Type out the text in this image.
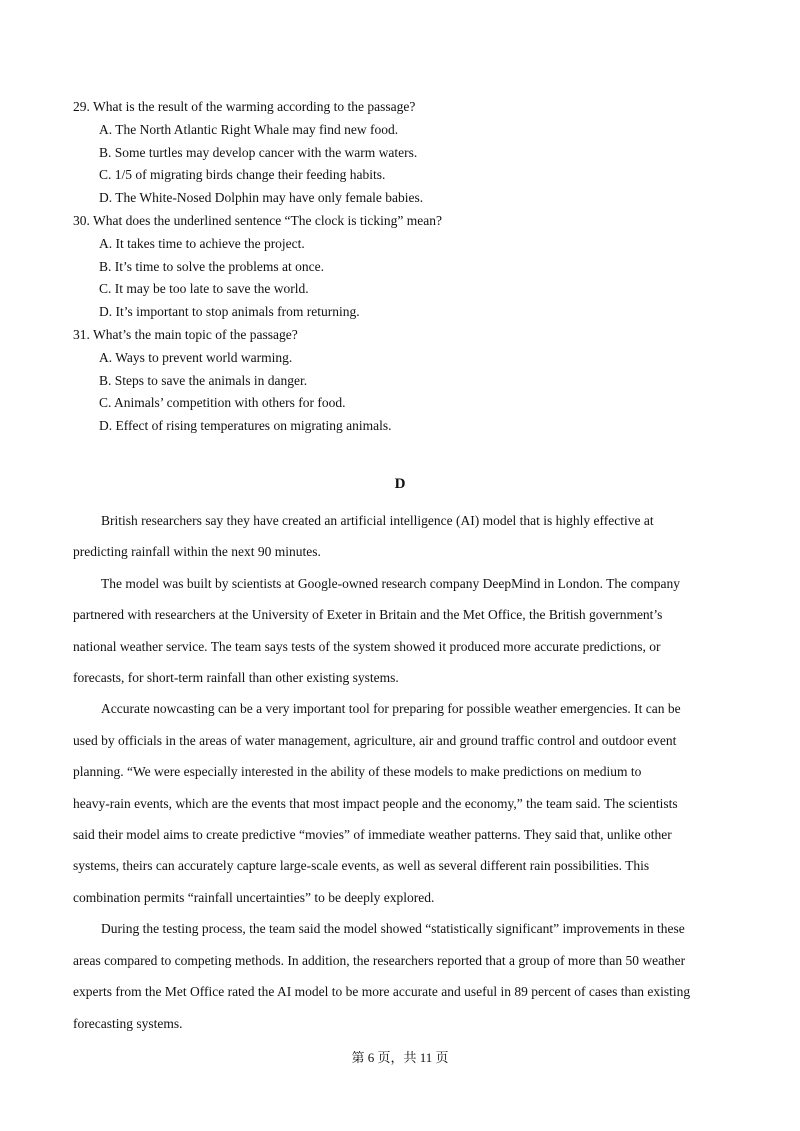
29. What is the result of the warming according to the passage?
A. The North Atlantic Right Whale may find new food.
B. Some turtles may develop cancer with the warm waters.
C. 1/5 of migrating birds change their feeding habits.
D. The White-Nosed Dolphin may have only female babies.
30. What does the underlined sentence “The clock is ticking” mean?
A. It takes time to achieve the project.
B. It’s time to solve the problems at once.
C. It may be too late to save the world.
D. It’s important to stop animals from returning.
31. What’s the main topic of the passage?
A. Ways to prevent world warming.
B. Steps to save the animals in danger.
C. Animals’ competition with others for food.
D. Effect of rising temperatures on migrating animals.
D

British researchers say they have created an artificial intelligence (AI) model that is highly effective at
predicting rainfall within the next 90 minutes.

The model was built by scientists at Google-owned research company DeepMind in London. The company
partnered with researchers at the University of Exeter in Britain and the Met Office, the British government’s
national weather service. The team says tests of the system showed it produced more accurate predictions, or
forecasts, for short-term rainfall than other existing systems.

Accurate nowcasting can be a very important tool for preparing for possible weather emergencies. It can be
used by officials in the areas of water management, agriculture, air and ground traffic control and outdoor event
planning. “We were especially interested in the ability of these models to make predictions on medium to
heavy-rain events, which are the events that most impact people and the economy,” the team said. The scientists
said their model aims to create predictive “movies” of immediate weather patterns. They said that, unlike other
systems, theirs can accurately capture large-scale events, as well as several different rain possibilities. This
combination permits “rainfall uncertainties” to be deeply explored.

During the testing process, the team said the model showed “statistically significant” improvements in these
areas compared to competing methods. In addition, the researchers reported that a group of more than 50 weather
experts from the Met Office rated the AI model to be more accurate and useful in 89 percent of cases than existing
forecasting systems.

第 6 页，共 11 页
